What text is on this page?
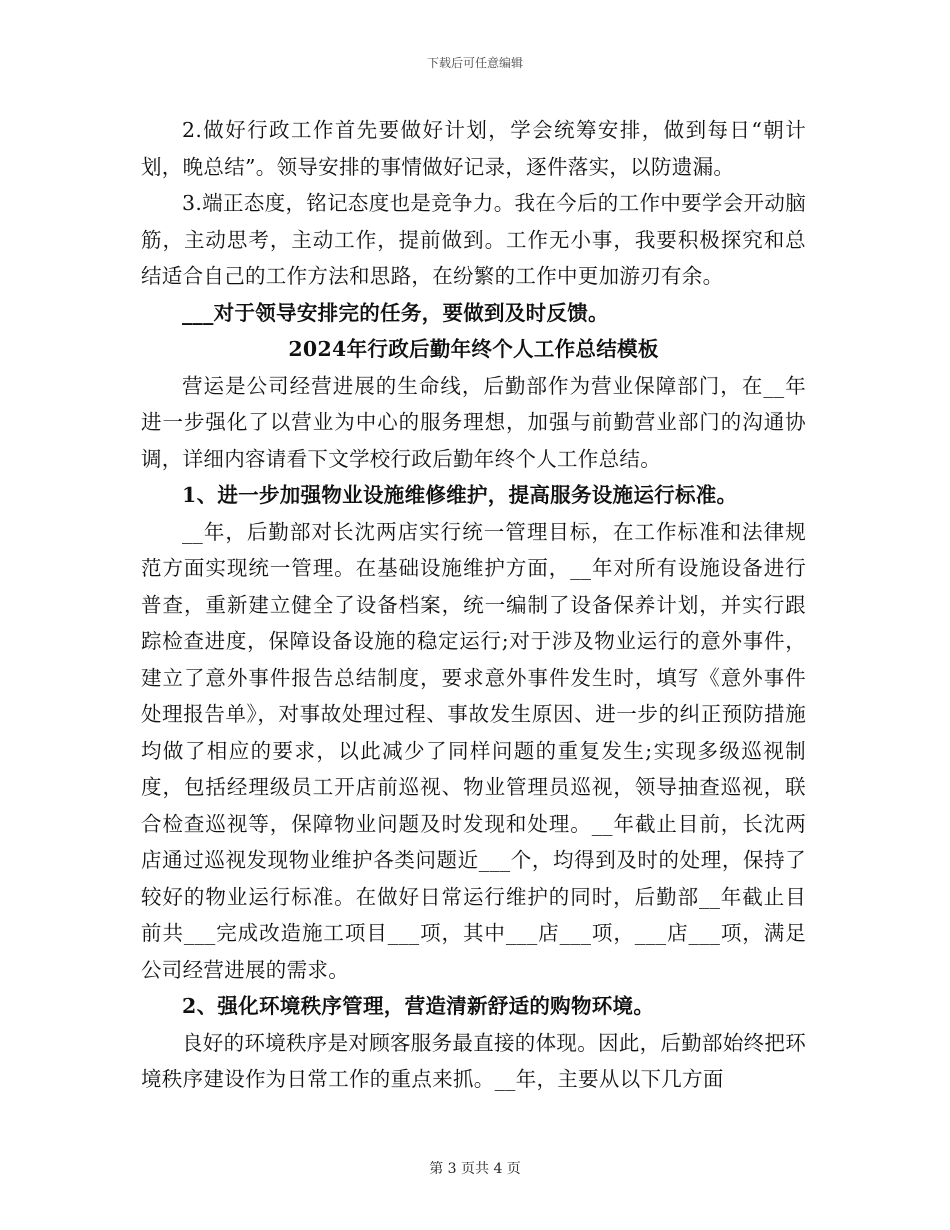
下载后可任意编辑

2.做好行政工作首先要做好计划，学会统筹安排，做到每日“朝计划，晚总结”。领导安排的事情做好记录，逐件落实，以防遗漏。

3.端正态度，铭记态度也是竞争力。我在今后的工作中要学会开动脑筋，主动思考，主动工作，提前做到。工作无小事，我要积极探究和总结适合自己的工作方法和思路，在纷繁的工作中更加游刃有余。

___对于领导安排完的任务，要做到及时反馈。

2024年行政后勤年终个人工作总结模板

营运是公司经营进展的生命线，后勤部作为营业保障部门，在__年进一步强化了以营业为中心的服务理想，加强与前勤营业部门的沟通协调，详细内容请看下文学校行政后勤年终个人工作总结。

1、进一步加强物业设施维修维护，提高服务设施运行标准。

__年，后勤部对长沈两店实行统一管理目标，在工作标准和法律规范方面实现统一管理。在基础设施维护方面，__年对所有设施设备进行普查，重新建立健全了设备档案，统一编制了设备保养计划，并实行跟踪检查进度，保障设备设施的稳定运行;对于涉及物业运行的意外事件，建立了意外事件报告总结制度，要求意外事件发生时，填写《意外事件处理报告单》，对事故处理过程、事故发生原因、进一步的纠正预防措施均做了相应的要求，以此减少了同样问题的重复发生;实现多级巡视制度，包括经理级员工开店前巡视、物业管理员巡视，领导抽查巡视，联合检查巡视等，保障物业问题及时发现和处理。__年截止目前，长沈两店通过巡视发现物业维护各类问题近___个，均得到及时的处理，保持了较好的物业运行标准。在做好日常运行维护的同时，后勤部__年截止目前共___完成改造施工项目___项，其中___店___项，___店___项，满足公司经营进展的需求。

2、强化环境秩序管理，营造清新舒适的购物环境。

良好的环境秩序是对顾客服务最直接的体现。因此，后勤部始终把环境秩序建设作为日常工作的重点来抓。__年，主要从以下几方面

第 3 页共 4 页
